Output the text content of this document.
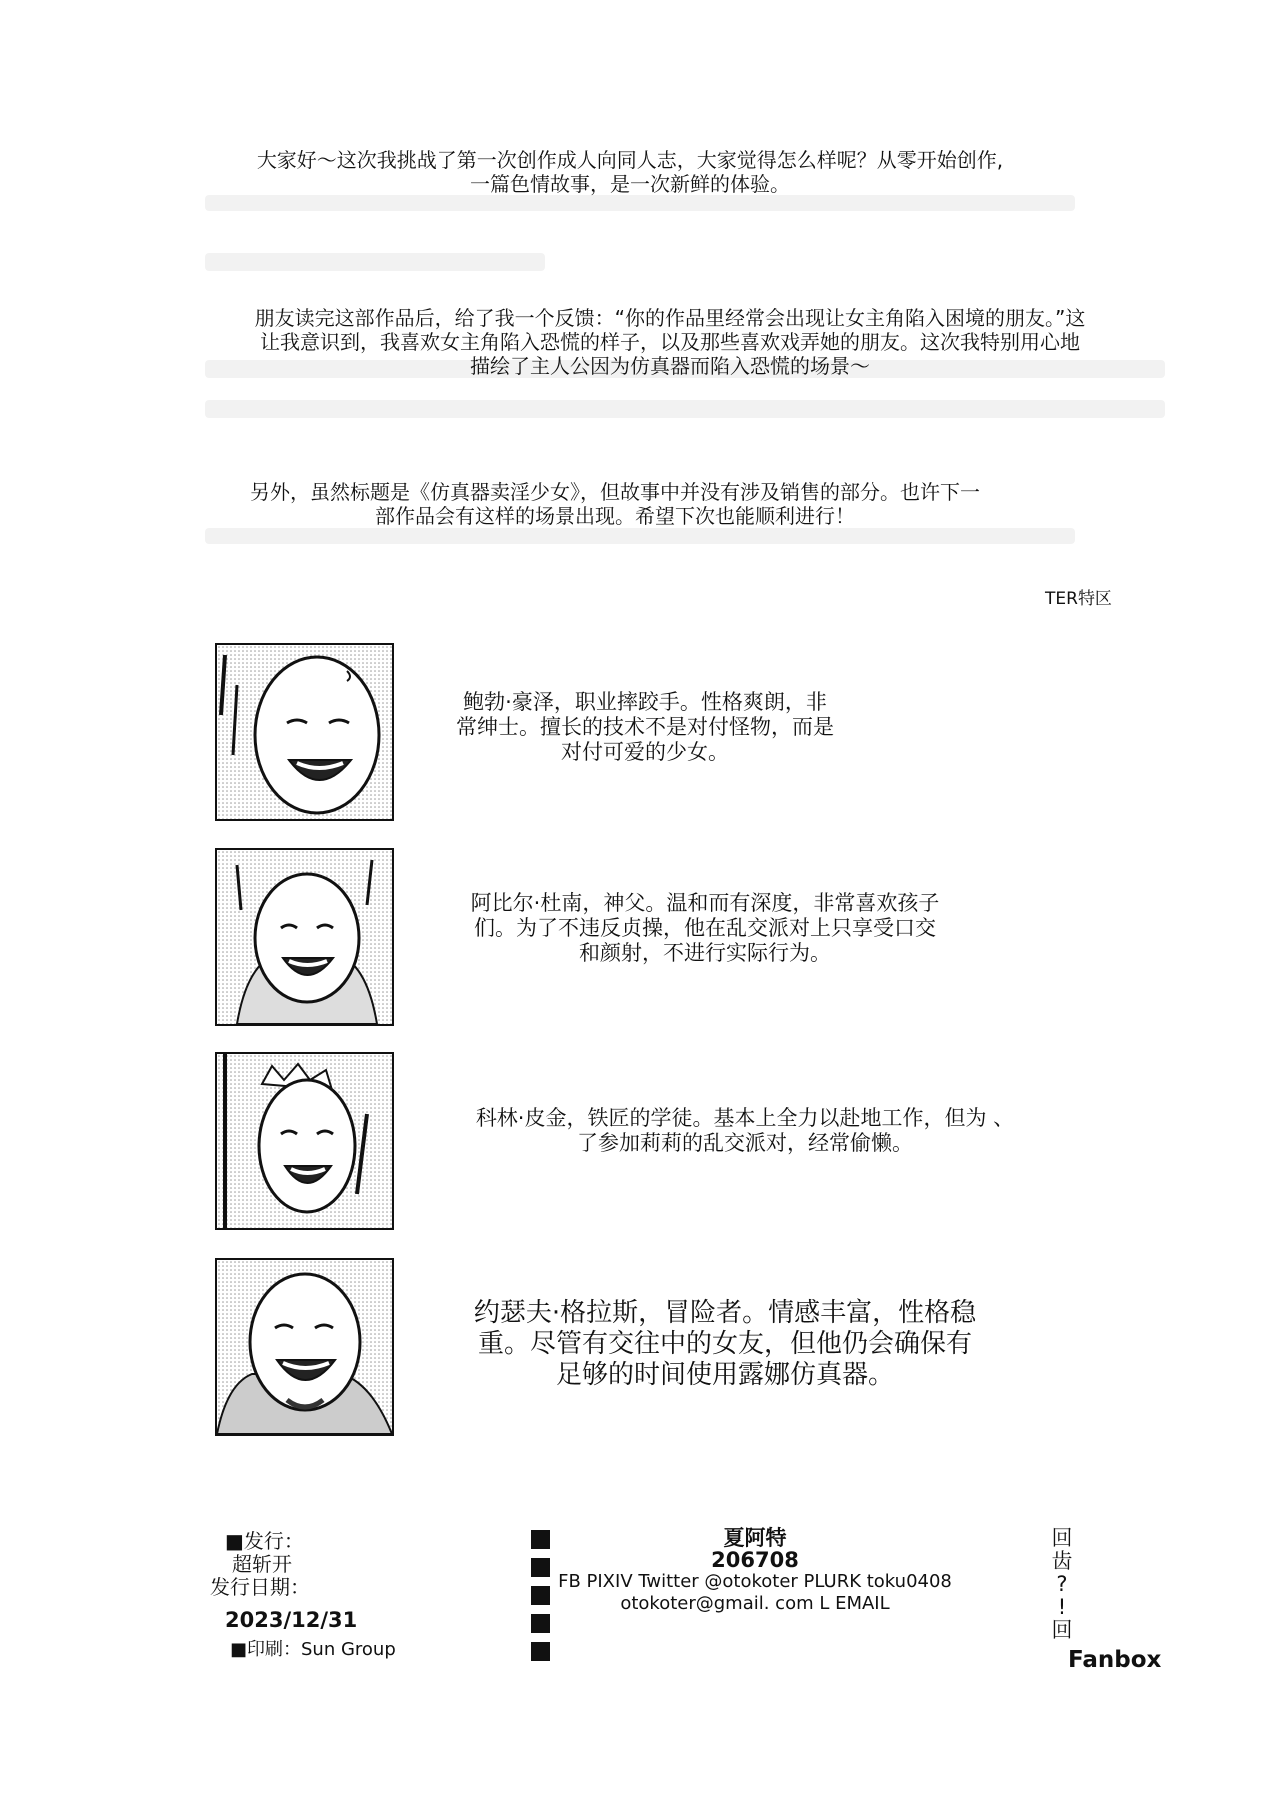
大家好～这次我挑战了第一次创作成人向同人志，大家觉得怎么样呢？从零开始创作,
一篇色情故事，是一次新鲜的体验。
朋友读完这部作品后，给了我一个反馈：“你的作品里经常会出现让女主角陷入困境的朋友。”这
让我意识到，我喜欢女主角陷入恐慌的样子，以及那些喜欢戏弄她的朋友。这次我特别用心地
描绘了主人公因为仿真器而陷入恐慌的场景～
另外，虽然标题是《仿真器卖淫少女》，但故事中并没有涉及销售的部分。也许下一
部作品会有这样的场景出现。希望下次也能顺利进行！
TER特区
鲍勃·豪泽，职业摔跤手。性格爽朗，非
常绅士。擅长的技术不是对付怪物，而是
对付可爱的少女。
阿比尔·杜南，神父。温和而有深度，非常喜欢孩子
们。为了不违反贞操，他在乱交派对上只享受口交
和颜射，不进行实际行为。
科林·皮金，铁匠的学徒。基本上全力以赴地工作，但为 、
了参加莉莉的乱交派对，经常偷懒。
约瑟夫·格拉斯，冒险者。情感丰富，性格稳
重。尽管有交往中的女友，但他仍会确保有
足够的时间使用露娜仿真器。
■发行：
超斩开
发行日期：
2023/12/31
■印刷：Sun Group
夏阿特
206708
FB PIXIV Twitter @otokoter PLURK toku0408
otokoter@gmail. com L EMAIL
回
齿
?
!
回
Fanbox
